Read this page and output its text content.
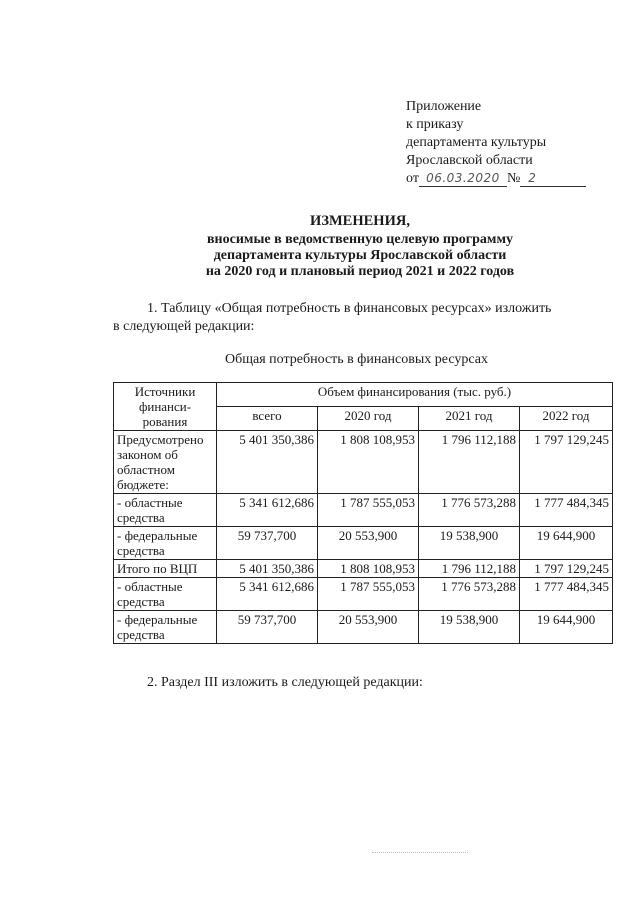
Приложение
к приказу
департамента культуры
Ярославской области
от 06.03.2020 № 2
ИЗМЕНЕНИЯ,
вносимые в ведомственную целевую программу
департамента культуры Ярославской области
на 2020 год и плановый период 2021 и 2022 годов
1. Таблицу «Общая потребность в финансовых ресурсах» изложить
в следующей редакции:
Общая потребность в финансовых ресурсах
Источники финанси-рования	Объем финансирования (тыс. руб.)			
	всего	2020 год	2021 год	2022 год
Предусмотрено законом об областном бюджете:	5 401 350,386	1 808 108,953	1 796 112,188	1 797 129,245
- областные средства	5 341 612,686	1 787 555,053	1 776 573,288	1 777 484,345
- федеральные средства	59 737,700	20 553,900	19 538,900	19 644,900
Итого по ВЦП	5 401 350,386	1 808 108,953	1 796 112,188	1 797 129,245
- областные средства	5 341 612,686	1 787 555,053	1 776 573,288	1 777 484,345
- федеральные средства	59 737,700	20 553,900	19 538,900	19 644,900
2. Раздел III изложить в следующей редакции:
